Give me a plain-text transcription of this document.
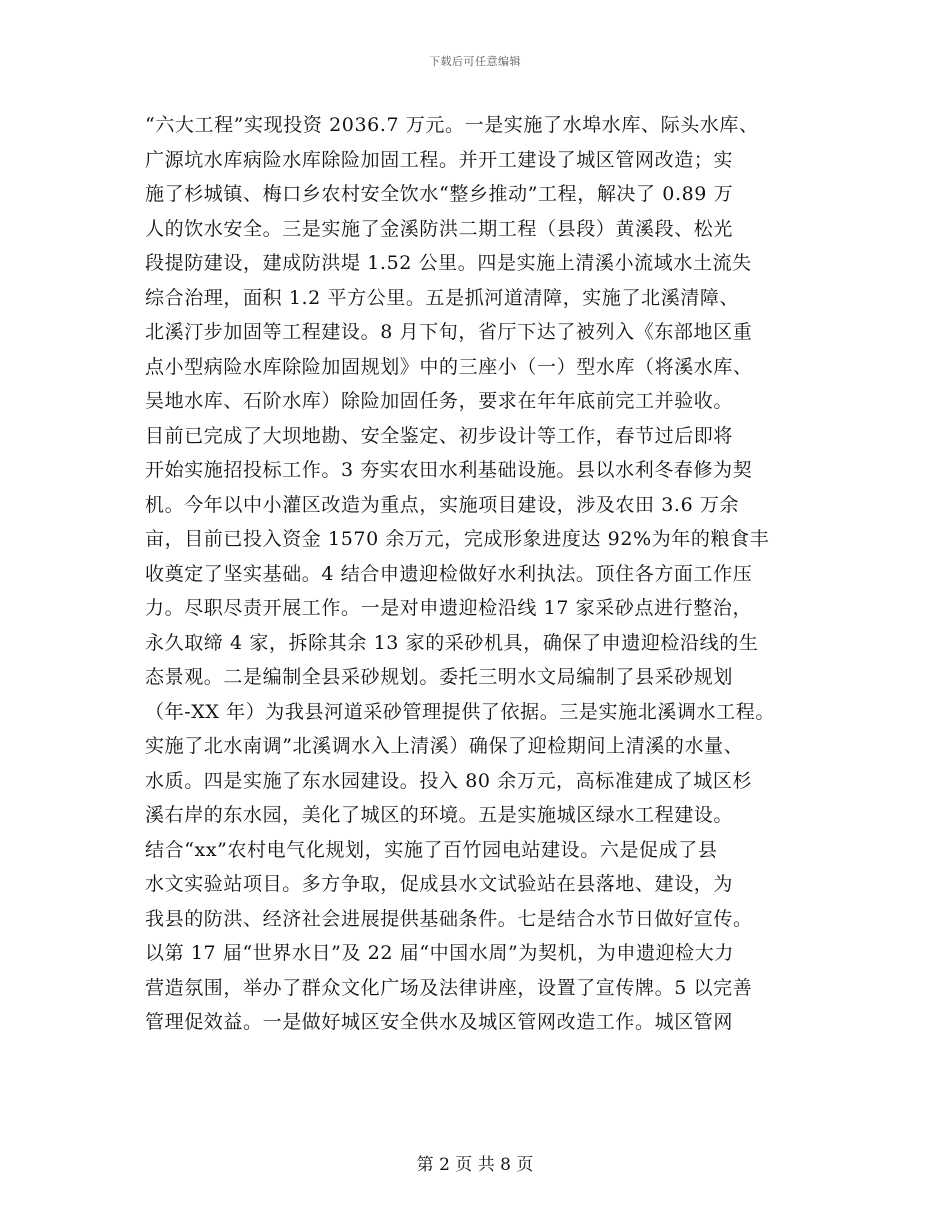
下载后可任意编辑
“六大工程”实现投资 2036.7 万元。一是实施了水埠水库、际头水库、
广源坑水库病险水库除险加固工程。并开工建设了城区管网改造；实
施了杉城镇、梅口乡农村安全饮水“整乡推动”工程，解决了 0.89 万
人的饮水安全。三是实施了金溪防洪二期工程（县段）黄溪段、松光
段提防建设，建成防洪堤 1.52 公里。四是实施上清溪小流域水土流失
综合治理，面积 1.2 平方公里。五是抓河道清障，实施了北溪清障、
北溪汀步加固等工程建设。8 月下旬，省厅下达了被列入《东部地区重
点小型病险水库除险加固规划》中的三座小（一）型水库（将溪水库、
吴地水库、石阶水库）除险加固任务，要求在年年底前完工并验收。
目前已完成了大坝地勘、安全鉴定、初步设计等工作，春节过后即将
开始实施招投标工作。3 夯实农田水利基础设施。县以水利冬春修为契
机。今年以中小灌区改造为重点，实施项目建设，涉及农田 3.6 万余
亩，目前已投入资金 1570 余万元，完成形象进度达 92%为年的粮食丰
收奠定了坚实基础。4 结合申遗迎检做好水利执法。顶住各方面工作压
力。尽职尽责开展工作。一是对申遗迎检沿线 17 家采砂点进行整治，
永久取缔 4 家，拆除其余 13 家的采砂机具，确保了申遗迎检沿线的生
态景观。二是编制全县采砂规划。委托三明水文局编制了县采砂规划
（年-XX 年）为我县河道采砂管理提供了依据。三是实施北溪调水工程。
实施了北水南调”北溪调水入上清溪）确保了迎检期间上清溪的水量、
水质。四是实施了东水园建设。投入 80 余万元，高标准建成了城区杉
溪右岸的东水园，美化了城区的环境。五是实施城区绿水工程建设。
结合“xx”农村电气化规划，实施了百竹园电站建设。六是促成了县
水文实验站项目。多方争取，促成县水文试验站在县落地、建设，为
我县的防洪、经济社会进展提供基础条件。七是结合水节日做好宣传。
以第 17 届“世界水日”及 22 届“中国水周”为契机，为申遗迎检大力
营造氛围，举办了群众文化广场及法律讲座，设置了宣传牌。5 以完善
管理促效益。一是做好城区安全供水及城区管网改造工作。城区管网
第 2 页 共 8 页
